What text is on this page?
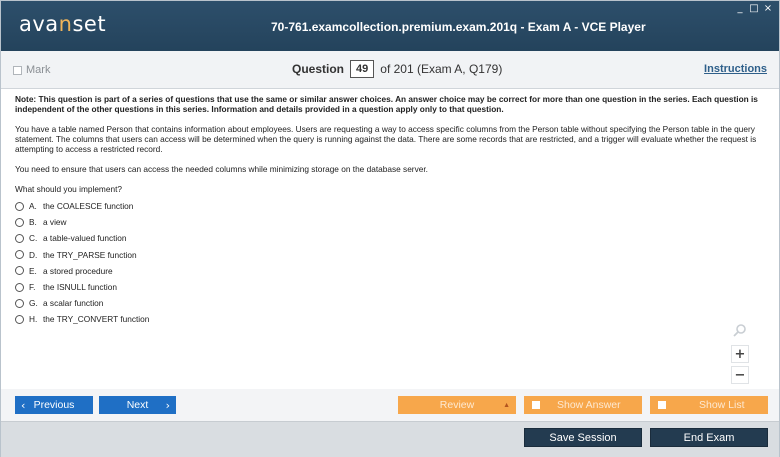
avanset	70-761.examcollection.premium.exam.201q - Exam A - VCE Player
_ □ ×
Mark	Question	49	of 201 (Exam A, Q179)	Instructions
Note: This question is part of a series of questions that use the same or similar answer choices. An answer choice may be correct for more than one question in the series. Each question is independent of the other questions in this series. Information and details provided in a question apply only to that question.

You have a table named Person that contains information about employees. Users are requesting a way to access specific columns from the Person table without specifying the Person table in the query statement. The columns that users can access will be determined when the query is running against the data. There are some records that are restricted, and a trigger will evaluate whether the request is attempting to access a restricted record.

You need to ensure that users can access the needed columns while minimizing storage on the database server.

What should you implement?

A. the COALESCE function
B. a view
C. a table-valued function
D. the TRY_PARSE function
E. a stored procedure
F. the ISNULL function
G. a scalar function
H. the TRY_CONVERT function
+
−
‹ Previous	Next ›	Review	▲	Show Answer	Show List
Save Session	End Exam
